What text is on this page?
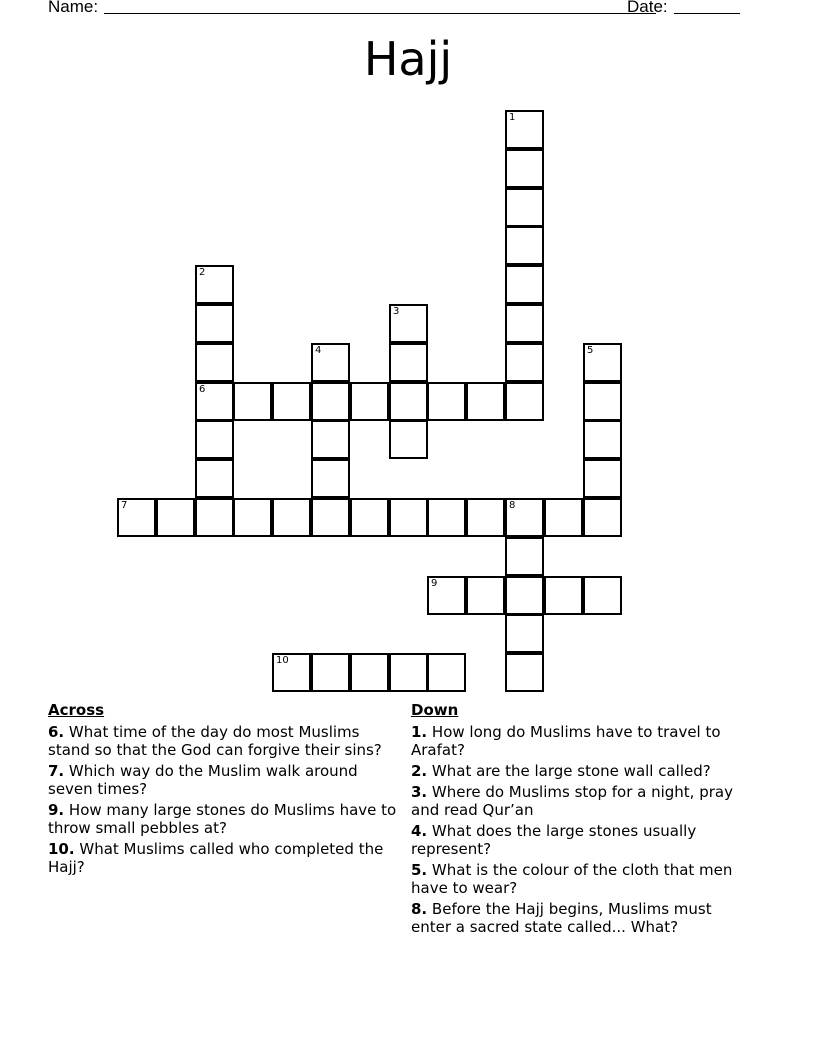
Name:	Date:
Hajj
1
2
3
4	5
6
7	8
9
10
Across
6. What time of the day do most Muslims stand so that the God can forgive their sins?
7. Which way do the Muslim walk around seven times?
9. How many large stones do Muslims have to throw small pebbles at?
10. What Muslims called who completed the Hajj?
Down
1. How long do Muslims have to travel to Arafat?
2. What are the large stone wall called?
3. Where do Muslims stop for a night, pray and read Qur’an
4. What does the large stones usually represent?
5. What is the colour of the cloth that men have to wear?
8. Before the Hajj begins, Muslims must enter a sacred state called... What?
